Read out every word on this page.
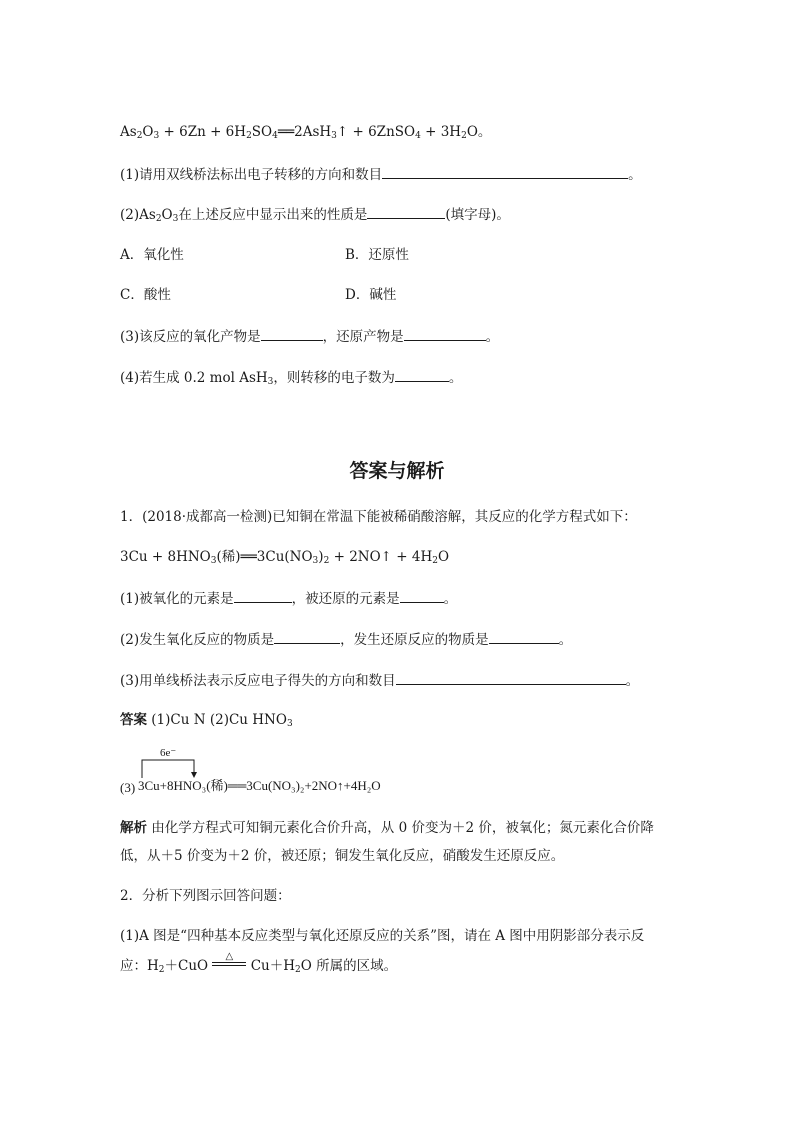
$As_2O_3 + 6Zn$ + $6H_2SO_4══2AsH_3↑$ + 6ZnSO$_4$ + $3H_2O$。
(1)请用双线桥法标出电子转移的方向和数目	。
$(2)As_2O_3$在上述反应中显示出来的性质是	(填字母)。
A．氧化性	B．还原性
C．酸性	D．碱性
(3)该反应的氧化产物是	，还原产物是	。
(4)若生成 0.2 mol AsH$_3$，则转移的电子数为	。
答案与解析
1．(2018·成都高一检测)已知铜在常温下能被稀硝酸溶解，其反应的化学方程式如下：
$3Cu + 8HNO_3$(稀)$══3Cu(NO_3)_2$ + 2NO↑ + $4H_2O$
(1)被氧化的元素是	，被还原的元素是	。
(2)发生氧化反应的物质是	，发生还原反应的物质是	。
(3)用单线桥法表示反应电子得失的方向和数目	。
答案 (1)Cu N (2)Cu $HNO_3$
6e⁻
(3) 3Cu+8HNO₃(稀)══3Cu(NO₃)₂+2NO↑+4H₂O
解析 由化学方程式可知铜元素化合价升高，从 0 价变为＋2 价，被氧化；氮元素化合价降
低，从＋5 价变为＋2 价，被还原；铜发生氧化反应，硝酸发生还原反应。
2．分析下列图示回答问题：
(1)A 图是“四种基本反应类型与氧化还原反应的关系”图，请在 A 图中用阴影部分表示反
应：$H_2+CuO$
△
$Cu+H_2O$ 所属的区域。
